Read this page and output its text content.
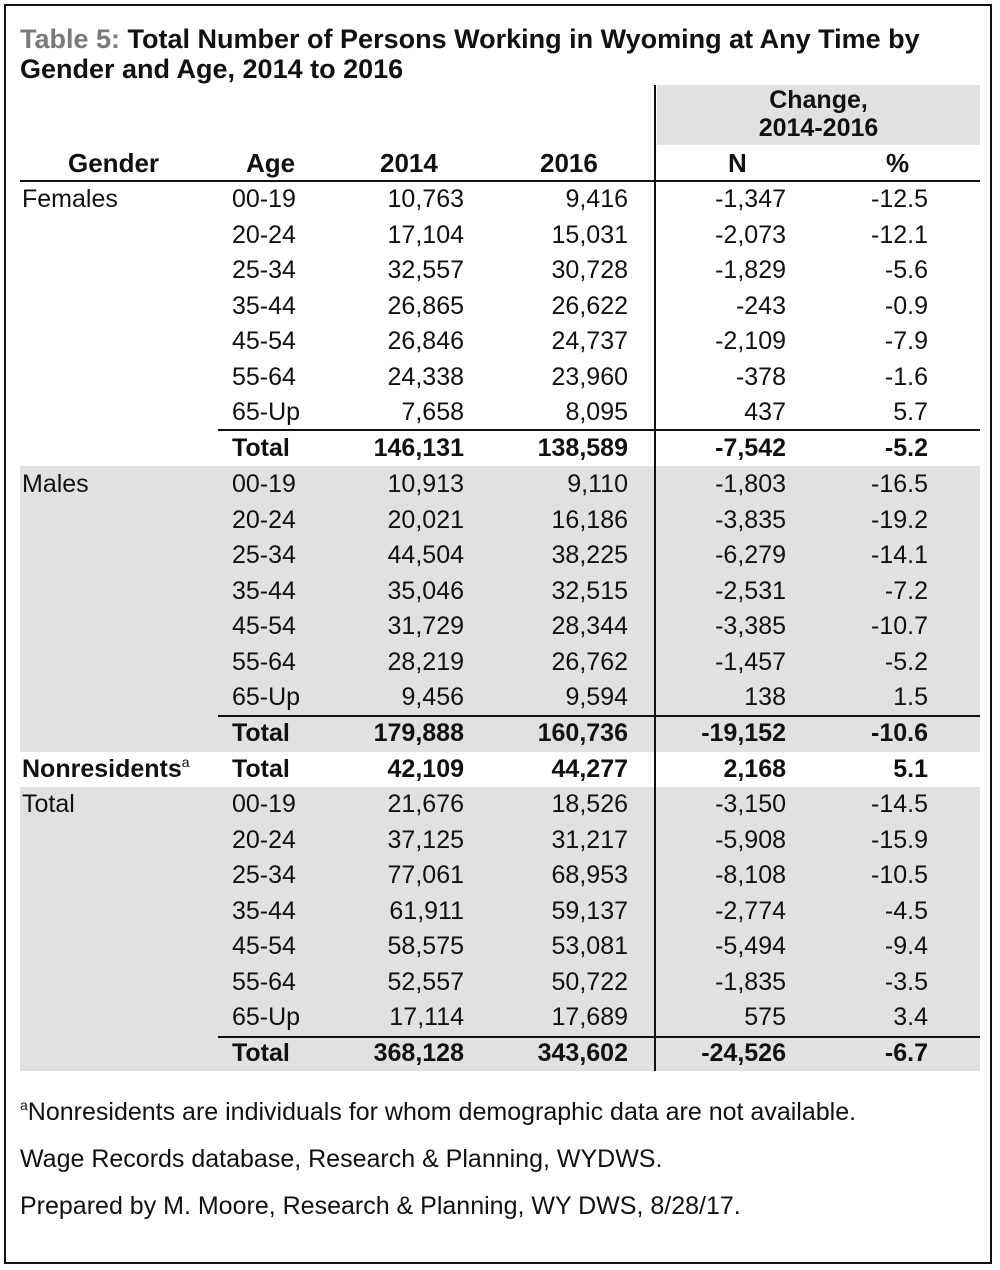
Table 5: Total Number of Persons Working in Wyoming at Any Time by Gender and Age, 2014 to 2016
Change,
2014-2016
Gender	Age	2014	2016	N	%
Females	00-19	10,763	9,416	-1,347	-12.5
20-24	17,104	15,031	-2,073	-12.1
25-34	32,557	30,728	-1,829	-5.6
35-44	26,865	26,622	-243	-0.9
45-54	26,846	24,737	-2,109	-7.9
55-64	24,338	23,960	-378	-1.6
65-Up	7,658	8,095	437	5.7
Total	146,131	138,589	-7,542	-5.2
Males	00-19	10,913	9,110	-1,803	-16.5
20-24	20,021	16,186	-3,835	-19.2
25-34	44,504	38,225	-6,279	-14.1
35-44	35,046	32,515	-2,531	-7.2
45-54	31,729	28,344	-3,385	-10.7
55-64	28,219	26,762	-1,457	-5.2
65-Up	9,456	9,594	138	1.5
Total	179,888	160,736	-19,152	-10.6
Nonresidents$^a$ Total	42,109	44,277	2,168	5.1
Total	00-19	21,676	18,526	-3,150	-14.5
20-24	37,125	31,217	-5,908	-15.9
25-34	77,061	68,953	-8,108	-10.5
35-44	61,911	59,137	-2,774	-4.5
45-54	58,575	53,081	-5,494	-9.4
55-64	52,557	50,722	-1,835	-3.5
65-Up	17,114	17,689	575	3.4
Total	368,128	343,602	-24,526	-6.7
$^a$Nonresidents are individuals for whom demographic data are not available.
Wage Records database, Research & Planning, WYDWS.
Prepared by M. Moore, Research & Planning, WY DWS, 8/28/17.
